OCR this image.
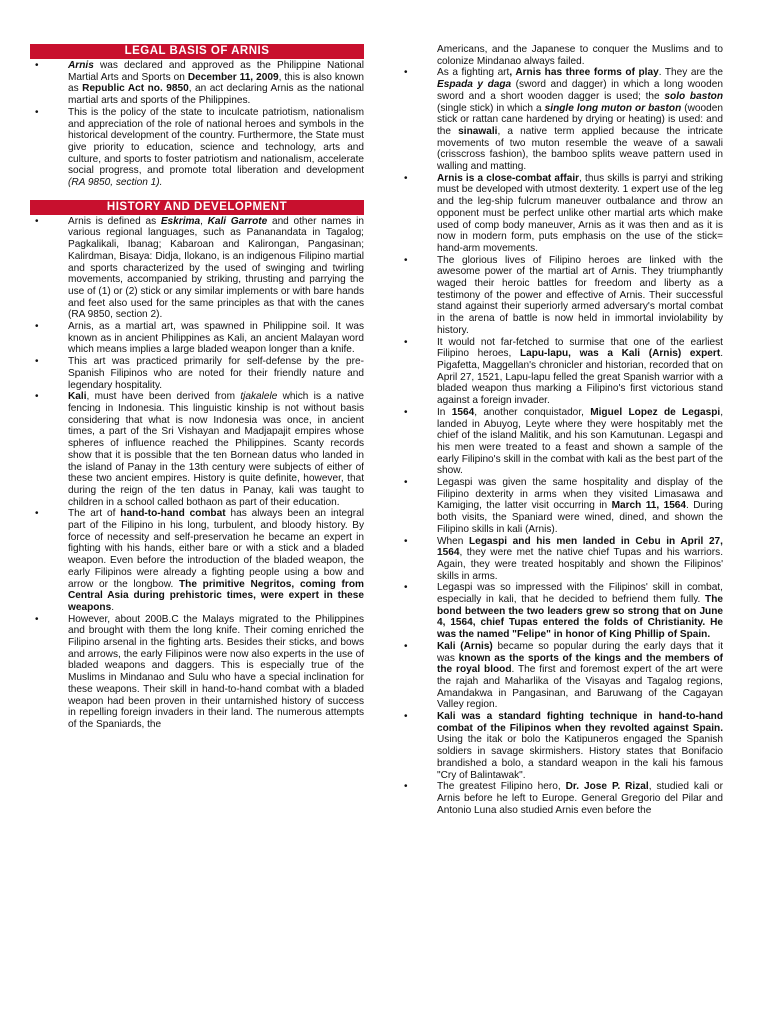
LEGAL BASIS OF ARNIS
• Arnis was declared and approved as the Philippine National Martial Arts and Sports on December 11, 2009, this is also known as Republic Act no. 9850, an act declaring Arnis as the national martial arts and sports of the Philippines.
• This is the policy of the state to inculcate patriotism, nationalism and appreciation of the role of national heroes and symbols in the historical development of the country. Furthermore, the State must give priority to education, science and technology, arts and culture, and sports to foster patriotism and nationalism, accelerate social progress, and promote total liberation and development (RA 9850, section 1).
HISTORY AND DEVELOPMENT
• Arnis is defined as Eskrima, Kali Garrote and other names in various regional languages, such as Pananandata in Tagalog; Pagkalikali, Ibanag; Kabaroan and Kalirongan, Pangasinan; Kalirdman, Bisaya: Didja, Ilokano, is an indigenous Filipino martial and sports characterized by the used of swinging and twirling movements, accompanied by striking, thrusting and parrying the use of (1) or (2) stick or any similar implements or with bare hands and feet also used for the same principles as that with the canes (RA 9850, section 2).
• Arnis, as a martial art, was spawned in Philippine soil. It was known as in ancient Philippines as Kali, an ancient Malayan word which means implies a large bladed weapon longer than a knife.
• This art was practiced primarily for self-defense by the pre-Spanish Filipinos who are noted for their friendly nature and legendary hospitality.
• Kali, must have been derived from tjakalele which is a native fencing in Indonesia. This linguistic kinship is not without basis considering that what is now Indonesia was once, in ancient times, a part of the Sri Vishayan and Madjapajit empires whose spheres of influence reached the Philippines. Scanty records show that it is possible that the ten Bornean datus who landed in the island of Panay in the 13th century were subjects of either of these two ancient empires. History is quite definite, however, that during the reign of the ten datus in Panay, kali was taught to children in a school called bothaon as part of their education.
• The art of hand-to-hand combat has always been an integral part of the Filipino in his long, turbulent, and bloody history. By force of necessity and self-preservation he became an expert in fighting with his hands, either bare or with a stick and a bladed weapon. Even before the introduction of the bladed weapon, the early Filipinos were already a fighting people using a bow and arrow or the longbow. The primitive Negritos, coming from Central Asia during prehistoric times, were expert in these weapons.
• However, about 200B.C the Malays migrated to the Philippines and brought with them the long knife. Their coming enriched the Filipino arsenal in the fighting arts. Besides their sticks, and bows and arrows, the early Filipinos were now also experts in the use of bladed weapons and daggers. This is especially true of the Muslims in Mindanao and Sulu who have a special inclination for these weapons. Their skill in hand-to-hand combat with a bladed weapon had been proven in their untarnished history of success in repelling foreign invaders in their land. The numerous attempts of the Spaniards, the
Americans, and the Japanese to conquer the Muslims and to colonize Mindanao always failed.
• As a fighting art, Arnis has three forms of play. They are the Espada y daga (sword and dagger) in which a long wooden sword and a short wooden dagger is used; the solo baston (single stick) in which a single long muton or baston (wooden stick or rattan cane hardened by drying or heating) is used: and the sinawali, a native term applied because the intricate movements of two muton resemble the weave of a sawali (crisscross fashion), the bamboo splits weave pattern used in walling and matting.
• Arnis is a close-combat affair, thus skills is parryi and striking must be developed with utmost dexterity. 1 expert use of the leg and the leg-ship fulcrum maneuver outbalance and throw an opponent must be perfect unlike other martial arts which make used of comp body maneuver, Arnis as it was then and as it is now in modern form, puts emphasis on the use of the stick= hand-arm movements.
• The glorious lives of Filipino heroes are linked with the awesome power of the martial art of Arnis. They triumphantly waged their heroic battles for freedom and liberty as a testimony of the power and effective of Arnis. Their successful stand against their superiorly armed adversary's mortal combat in the arena of battle is now held in immortal inviolability by history.
• It would not far-fetched to surmise that one of the earliest Filipino heroes, Lapu-lapu, was a Kali (Arnis) expert. Pigafetta, Maggellan's chronicler and historian, recorded that on April 27, 1521, Lapu-lapu felled the great Spanish warrior with a bladed weapon thus marking a Filipino's first victorious stand against a foreign invader.
• In 1564, another conquistador, Miguel Lopez de Legaspi, landed in Abuyog, Leyte where they were hospitably met the chief of the island Malitik, and his son Kamutunan. Legaspi and his men were treated to a feast and shown a sample of the early Filipino's skill in the combat with kali as the best part of the show.
• Legaspi was given the same hospitality and display of the Filipino dexterity in arms when they visited Limasawa and Kamiging, the latter visit occurring in March 11, 1564. During both visits, the Spaniard were wined, dined, and shown the Filipino skills in kali (Arnis).
• When Legaspi and his men landed in Cebu in April 27, 1564, they were met the native chief Tupas and his warriors. Again, they were treated hospitably and shown the Filipinos' skills in arms.
• Legaspi was so impressed with the Filipinos' skill in combat, especially in kali, that he decided to befriend them fully. The bond between the two leaders grew so strong that on June 4, 1564, chief Tupas entered the folds of Christianity. He was the named "Felipe" in honor of King Phillip of Spain.
• Kali (Arnis) became so popular during the early days that it was known as the sports of the kings and the members of the royal blood. The first and foremost expert of the art were the rajah and Maharlika of the Visayas and Tagalog regions, Amandakwa in Pangasinan, and Baruwang of the Cagayan Valley region.
• Kali was a standard fighting technique in hand-to-hand combat of the Filipinos when they revolted against Spain. Using the itak or bolo the Katipuneros engaged the Spanish soldiers in savage skirmishers. History states that Bonifacio brandished a bolo, a standard weapon in the kali his famous "Cry of Balintawak".
• The greatest Filipino hero, Dr. Jose P. Rizal, studied kali or Arnis before he left to Europe. General Gregorio del Pilar and Antonio Luna also studied Arnis even before the
